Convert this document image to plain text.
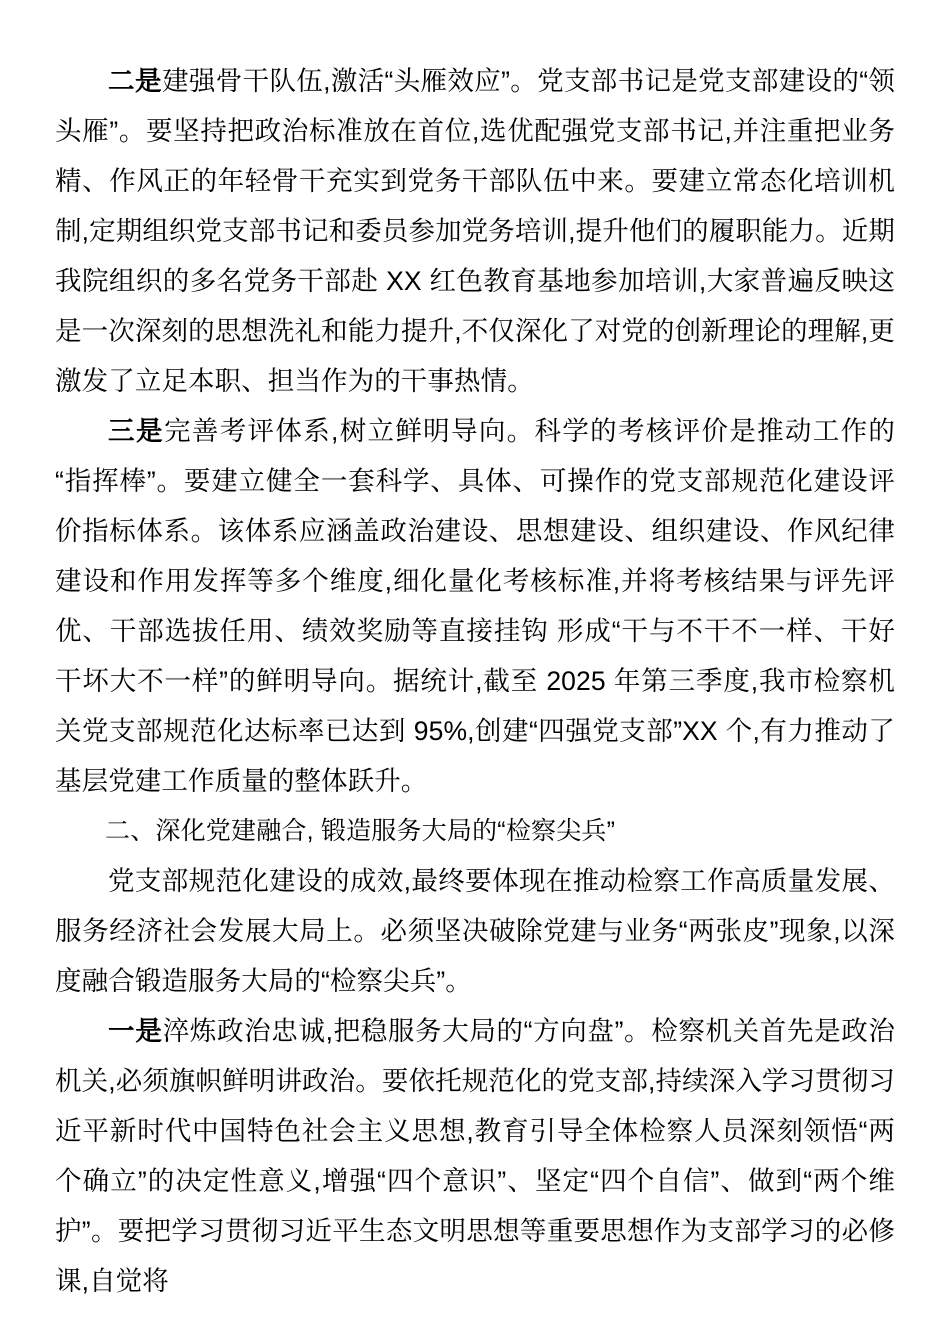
二是建强骨干队伍,激活“头雁效应”。党支部书记是党支部建设的“领头雁”。要坚持把政治标准放在首位,选优配强党支部书记,并注重把业务精、作风正的年轻骨干充实到党务干部队伍中来。要建立常态化培训机制,定期组织党支部书记和委员参加党务培训,提升他们的履职能力。近期我院组织的多名党务干部赴 XX 红色教育基地参加培训,大家普遍反映这是一次深刻的思想洗礼和能力提升,不仅深化了对党的创新理论的理解,更激发了立足本职、担当作为的干事热情。

三是完善考评体系,树立鲜明导向。科学的考核评价是推动工作的“指挥棒”。要建立健全一套科学、具体、可操作的党支部规范化建设评价指标体系。该体系应涵盖政治建设、思想建设、组织建设、作风纪律建设和作用发挥等多个维度,细化量化考核标准,并将考核结果与评先评优、干部选拔任用、绩效奖励等直接挂钩 形成“干与不干不一样、干好干坏大不一样”的鲜明导向。据统计,截至 2025 年第三季度,我市检察机关党支部规范化达标率已达到 95%,创建“四强党支部”XX 个,有力推动了基层党建工作质量的整体跃升。

二、深化党建融合, 锻造服务大局的“检察尖兵”

党支部规范化建设的成效,最终要体现在推动检察工作高质量发展、服务经济社会发展大局上。必须坚决破除党建与业务“两张皮”现象,以深度融合锻造服务大局的“检察尖兵”。

一是淬炼政治忠诚,把稳服务大局的“方向盘”。检察机关首先是政治机关,必须旗帜鲜明讲政治。要依托规范化的党支部,持续深入学习贯彻习近平新时代中国特色社会主义思想,教育引导全体检察人员深刻领悟“两个确立”的决定性意义,增强“四个意识”、坚定“四个自信”、做到“两个维护”。要把学习贯彻习近平生态文明思想等重要思想作为支部学习的必修课,自觉将
